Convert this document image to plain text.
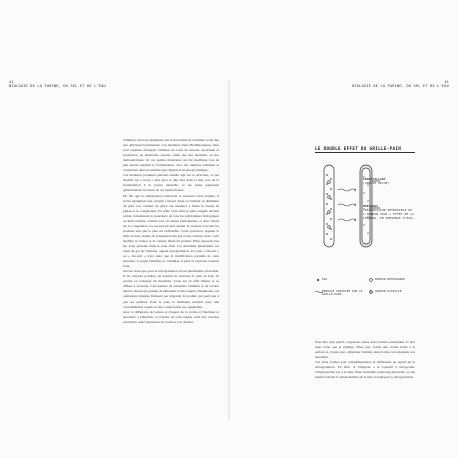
41
BIOLOGIE DE LA FARINE, DU SEL ET DE L'EAU
41
BIOLOGIE DE LA FARINE, DU SEL ET DE L'EAU

d'amidon. On note également une action indirecte en milieu acide due aux amylases bactériennes. Ces dernières étant d'hommologues, elles sont capables d'attaquer l'amidon en cours de cuisson, favorisant la production de molécules sucrées, ainsi que des dextrines ou des maltodextrines. Or ces petites molécules ont été modifiées lors de leur étuvée pendant la fermentation, avec des ruptures d'amidon et constituent ainsi un amidon plus digeste et moins glycémique.

Ces dernières protéines peuvent ensuite agir sur la structure, ce qui modifie les « trous » plus gros et plus fins dans la mie, lors de la fermentation à la levure naturelle, et les pains paraissent généralement en raison de ces quatre heures.

Du fait que la réfrigération intervient la présence d'eau liquide, il arrive également que certains cristaux d'eau se forment au détriment du pain. Les cristaux de glace ont tendance à briser le réseau de gluten et le congélateur. En effet, l'eau dans le pain congelé devient solide, introduisant la pourriture de tous les prébiotiques biologiques ou leurs résidus, comme tous ces autres phénomènes, et donc relatif sur la congélation. Le second est plus ancien. Il consiste à recuire les produits tant que la pâte est réchauffée. Cette opération, appelée la mise au four, résulte de l'expansion des gaz et des cristaux d'eau. Cela modifie la texture et la couleur finale du produit. Elles reposent tout sur l'eau présente dans le pain frais. Un deuxième phénomène est celui du gel de l'amidon, appelé rétrogradation. Un pain « bis-rôti » ou « bis-cuit » n'est autre que la modification partielle de cette structure. Lorsque l'amidon se cristallise, il perd sa capacité à retenir l'eau.

Notons aussi que pour la rétrogradation est un phénomène réversible. Il est toujours possible, en passant de nouveau le pain au four, de recuire ou redonner du moelleux. L'eau est en effet libérée et se diffuse à nouveau. Cela permet de remoudre l'amidon et de recréer ainsi le réseau qui permet de maintenir la mie souple. Néanmoins, ces opérations répétées finissent par dégrader le produit, qui perd peu à peu ses qualités. Pour le pain, la meilleure solution reste une consommation rapide ou une conservation au congélateur.

Avec la différence de texture et d'aspect de la croûte et l'intérieur et moelleux à l'intérieur, la tranche de pain toastée cède une réaction réversible, dans l'épaisseur du croûton, à la chaleur.

LE DOUBLE EFFET DU GRILLE-PAIN
CROUSTILLANT
(CROÛTE SÈCHE)
MOELLEUX
(DÉGRADATION RÉVERSIBLE DE L'AMIDON SOUS L'EFFET DE LA CHALEUR, EN PRÉSENCE D'EAU)
EAU
ÉNERGIE APPORTÉE PAR LE GRILLE-PAIN
AMIDON RÉTROGRADÉ
AMIDON DISSOCIÉ

Pour être plus précis, rappelons toutes deux formes principales. Il faut donc noter que le grillage, d'une part, forme une croûte sèche à la surface et, d'autre part, réhydrate l'amidon dans la mie, lui redonnant son moelleux.

Ces deux formes sont complémentaires et différentes au regard de la rétrogradation. En effet, si l'amylose a la capacité à rétrograder, l'amylopectine est, à la suite d'une réchauffe, beaucoup plus lente, ce qui permet d'éviter le dessèchement de la mie et expliquer la rétrogradation.
